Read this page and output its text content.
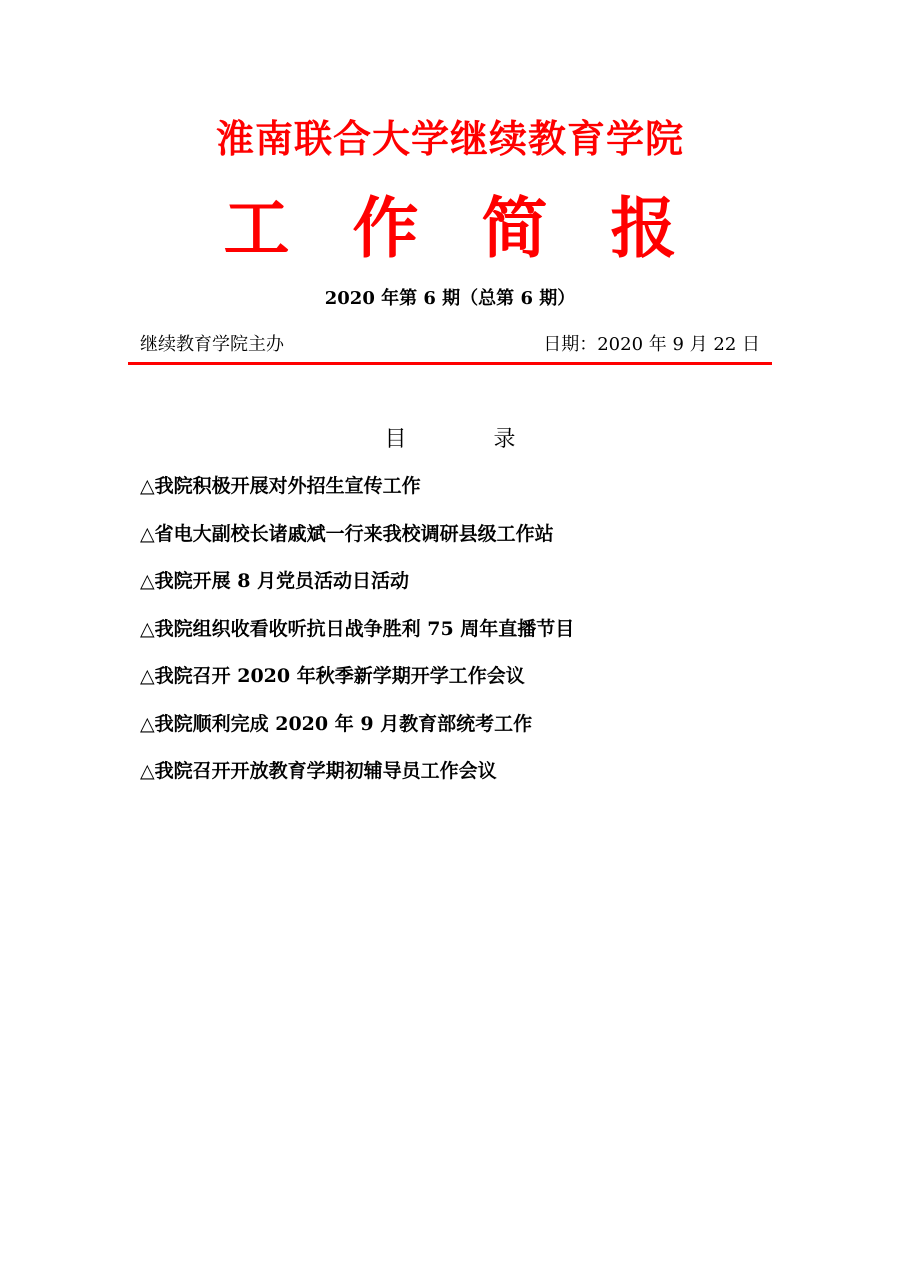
淮南联合大学继续教育学院
工 作 简 报
2020 年第 6 期（总第 6 期）
继续教育学院主办	日期：2020 年 9 月 22 日
目 录
△我院积极开展对外招生宣传工作
△省电大副校长诸戚斌一行来我校调研县级工作站
△我院开展 8 月党员活动日活动
△我院组织收看收听抗日战争胜利 75 周年直播节目
△我院召开 2020 年秋季新学期开学工作会议
△我院顺利完成 2020 年 9 月教育部统考工作
△我院召开开放教育学期初辅导员工作会议
